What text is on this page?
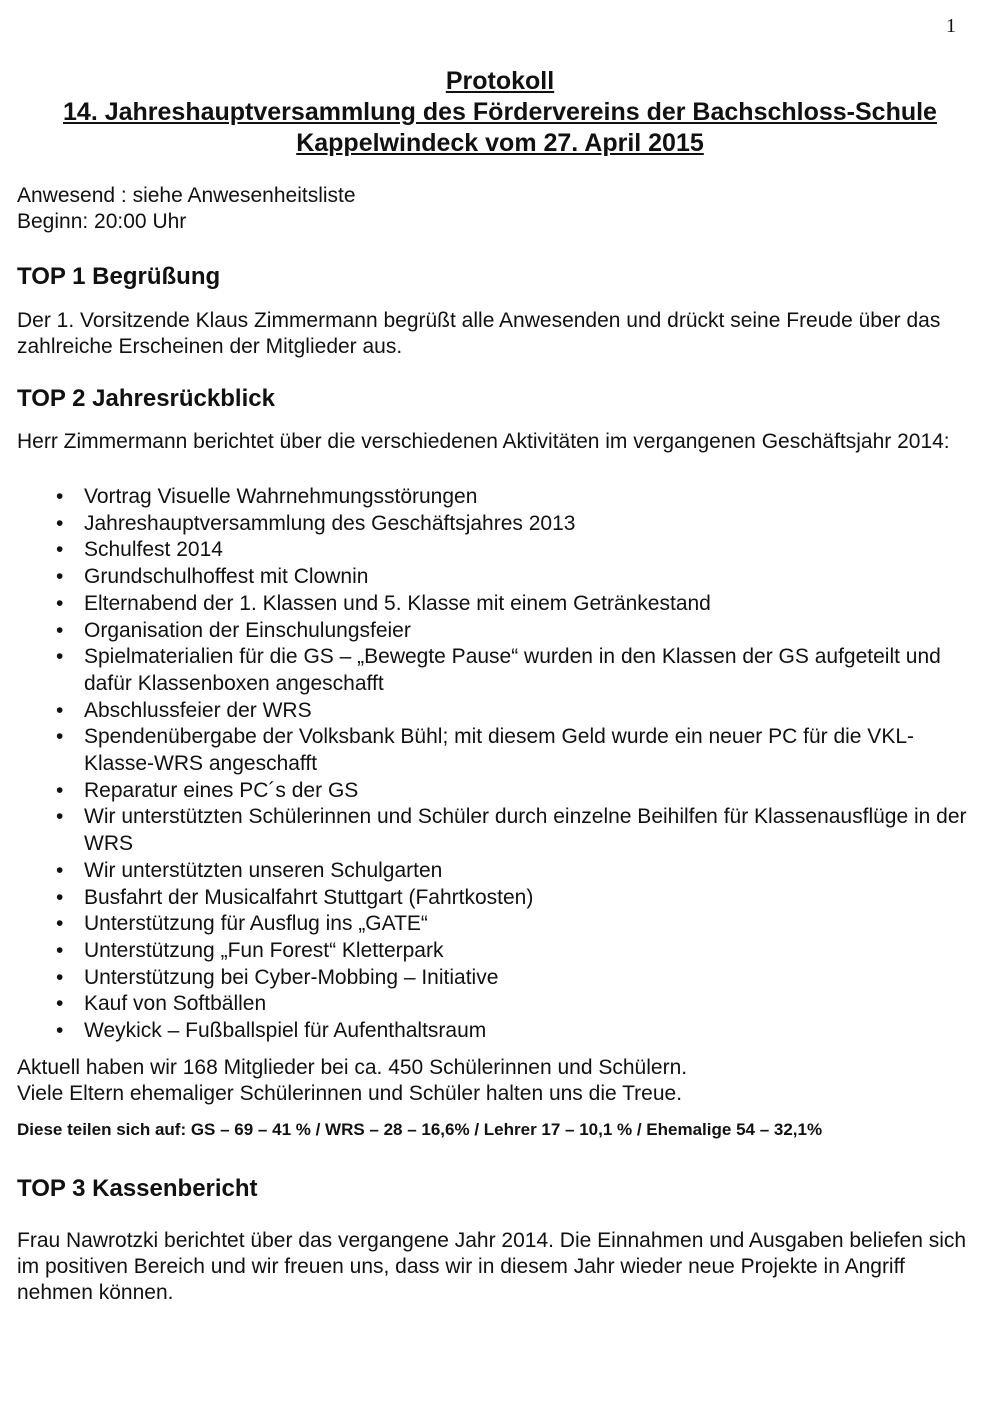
1
Protokoll
14. Jahreshauptversammlung des Fördervereins der Bachschloss-Schule
Kappelwindeck vom 27. April 2015
Anwesend : siehe Anwesenheitsliste
Beginn: 20:00 Uhr
TOP 1 Begrüßung

Der 1. Vorsitzende Klaus Zimmermann begrüßt alle Anwesenden und drückt seine Freude über das zahlreiche Erscheinen der Mitglieder aus.

TOP 2 Jahresrückblick

Herr Zimmermann berichtet über die verschiedenen Aktivitäten im vergangenen Geschäftsjahr 2014:

• Vortrag Visuelle Wahrnehmungsstörungen
• Jahreshauptversammlung des Geschäftsjahres 2013
• Schulfest 2014
• Grundschulhoffest mit Clownin
• Elternabend der 1. Klassen und 5. Klasse mit einem Getränkestand
• Organisation der Einschulungsfeier
• Spielmaterialien für die GS – „Bewegte Pause“ wurden in den Klassen der GS aufgeteilt und dafür Klassenboxen angeschafft
• Abschlussfeier der WRS
• Spendenübergabe der Volksbank Bühl; mit diesem Geld wurde ein neuer PC für die VKL-Klasse-WRS angeschafft
• Reparatur eines PC´s der GS
• Wir unterstützten Schülerinnen und Schüler durch einzelne Beihilfen für Klassenausflüge in der WRS
• Wir unterstützten unseren Schulgarten
• Busfahrt der Musicalfahrt Stuttgart (Fahrtkosten)
• Unterstützung für Ausflug ins „GATE“
• Unterstützung „Fun Forest“ Kletterpark
• Unterstützung bei Cyber-Mobbing – Initiative
• Kauf von Softbällen
• Weykick – Fußballspiel für Aufenthaltsraum

Aktuell haben wir 168 Mitglieder bei ca. 450 Schülerinnen und Schülern.

Viele Eltern ehemaliger Schülerinnen und Schüler halten uns die Treue.

Diese teilen sich auf: GS – 69 – 41 % / WRS – 28 – 16,6% / Lehrer 17 – 10,1 % / Ehemalige 54 – 32,1%
TOP 3 Kassenbericht

Frau Nawrotzki berichtet über das vergangene Jahr 2014. Die Einnahmen und Ausgaben beliefen sich im positiven Bereich und wir freuen uns, dass wir in diesem Jahr wieder neue Projekte in Angriff nehmen können.
